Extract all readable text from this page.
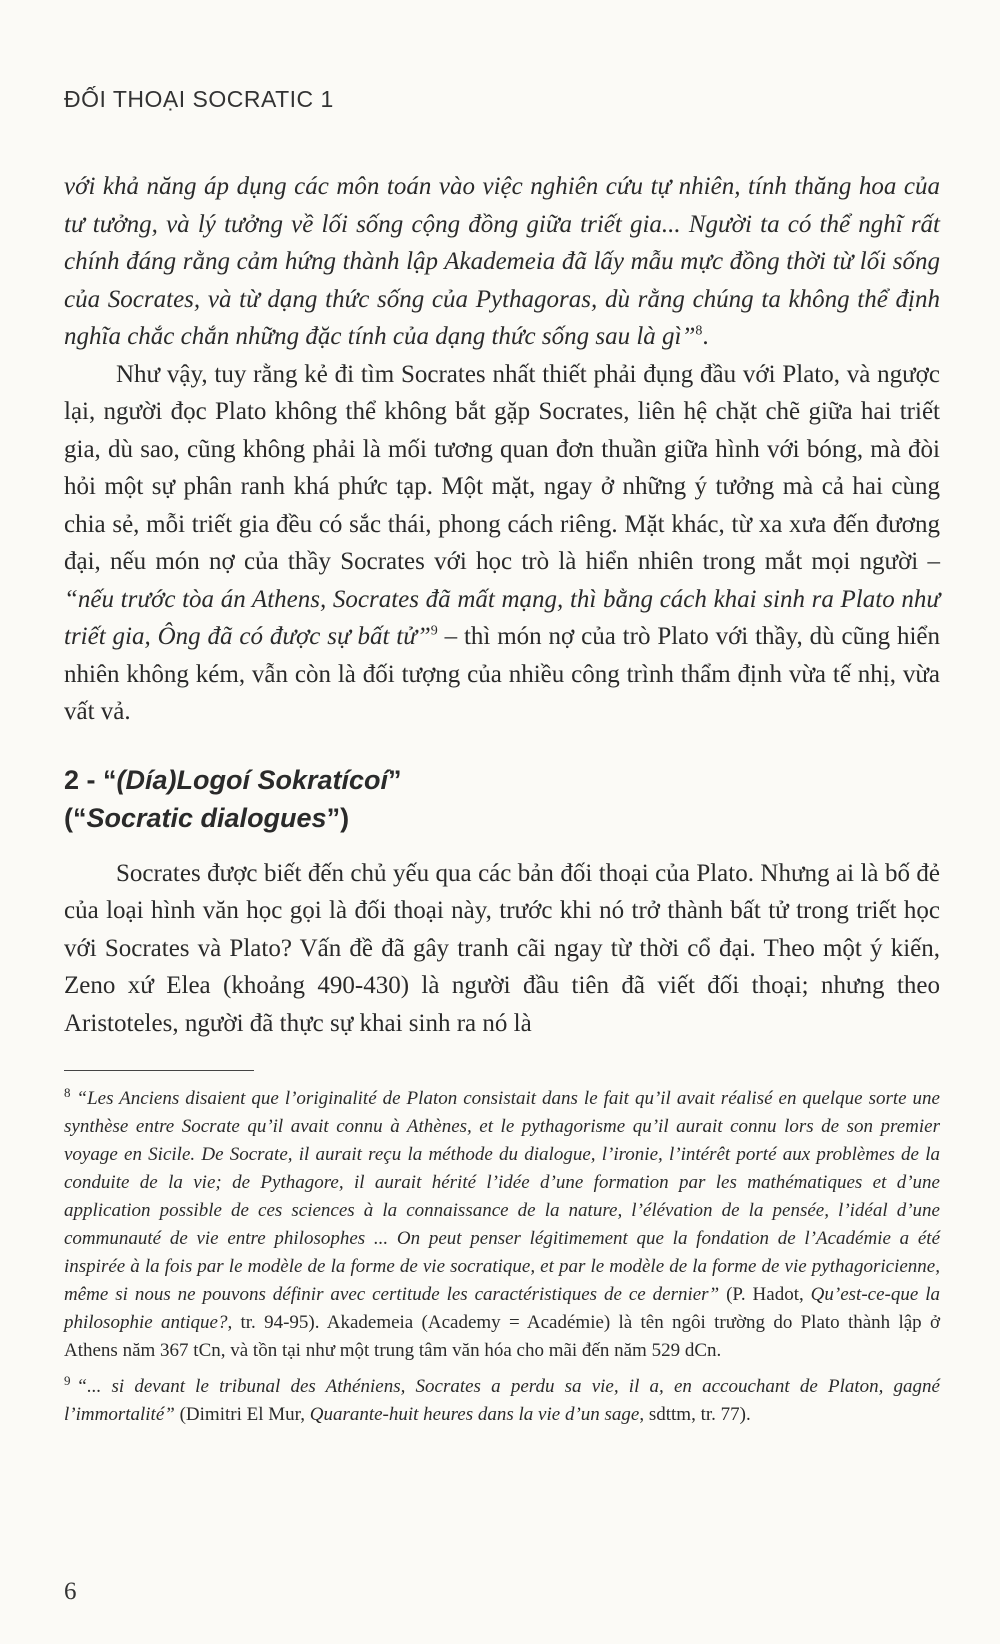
ĐỐI THOẠI SOCRATIC 1

với khả năng áp dụng các môn toán vào việc nghiên cứu tự nhiên, tính thăng hoa của tư tưởng, và lý tưởng về lối sống cộng đồng giữa triết gia... Người ta có thể nghĩ rất chính đáng rằng cảm hứng thành lập Akademeia đã lấy mẫu mực đồng thời từ lối sống của Socrates, và từ dạng thức sống của Pythagoras, dù rằng chúng ta không thể định nghĩa chắc chắn những đặc tính của dạng thức sống sau là gì”$^8$.

Như vậy, tuy rằng kẻ đi tìm Socrates nhất thiết phải đụng đầu với Plato, và ngược lại, người đọc Plato không thể không bắt gặp Socrates, liên hệ chặt chẽ giữa hai triết gia, dù sao, cũng không phải là mối tương quan đơn thuần giữa hình với bóng, mà đòi hỏi một sự phân ranh khá phức tạp. Một mặt, ngay ở những ý tưởng mà cả hai cùng chia sẻ, mỗi triết gia đều có sắc thái, phong cách riêng. Mặt khác, từ xa xưa đến đương đại, nếu món nợ của thầy Socrates với học trò là hiển nhiên trong mắt mọi người – “nếu trước tòa án Athens, Socrates đã mất mạng, thì bằng cách khai sinh ra Plato như triết gia, Ông đã có được sự bất tử”$^9$ – thì món nợ của trò Plato với thầy, dù cũng hiển nhiên không kém, vẫn còn là đối tượng của nhiều công trình thẩm định vừa tế nhị, vừa vất vả.

2 - “(Día)Logoí Sokratícoí”
(“Socratic dialogues”)

Socrates được biết đến chủ yếu qua các bản đối thoại của Plato. Nhưng ai là bố đẻ của loại hình văn học gọi là đối thoại này, trước khi nó trở thành bất tử trong triết học với Socrates và Plato? Vấn đề đã gây tranh cãi ngay từ thời cổ đại. Theo một ý kiến, Zeno xứ Elea (khoảng 490-430) là người đầu tiên đã viết đối thoại; nhưng theo Aristoteles, người đã thực sự khai sinh ra nó là

$^8$ “Les Anciens disaient que l’originalité de Platon consistait dans le fait qu’il avait réalisé en quelque sorte une synthèse entre Socrate qu’il avait connu à Athènes, et le pythagorisme qu’il aurait connu lors de son premier voyage en Sicile. De Socrate, il aurait reçu la méthode du dialogue, l’ironie, l’intérêt porté aux problèmes de la conduite de la vie; de Pythagore, il aurait hérité l’idée d’une formation par les mathématiques et d’une application possible de ces sciences à la connaissance de la nature, l’élévation de la pensée, l’idéal d’une communauté de vie entre philosophes ... On peut penser légitimement que la fondation de l’Académie a été inspirée à la fois par le modèle de la forme de vie socratique, et par le modèle de la forme de vie pythagoricienne, même si nous ne pouvons définir avec certitude les caractéristiques de ce dernier” (P. Hadot, Qu’est-ce-que la philosophie antique?, tr. 94-95). Akademeia (Academy = Académie) là tên ngôi trường do Plato thành lập ở Athens năm 367 tCn, và tồn tại như một trung tâm văn hóa cho mãi đến năm 529 dCn.

$^9$ “... si devant le tribunal des Athéniens, Socrates a perdu sa vie, il a, en accouchant de Platon, gagné l’immortalité” (Dimitri El Mur, Quarante-huit heures dans la vie d’un sage, sdttm, tr. 77).

6
